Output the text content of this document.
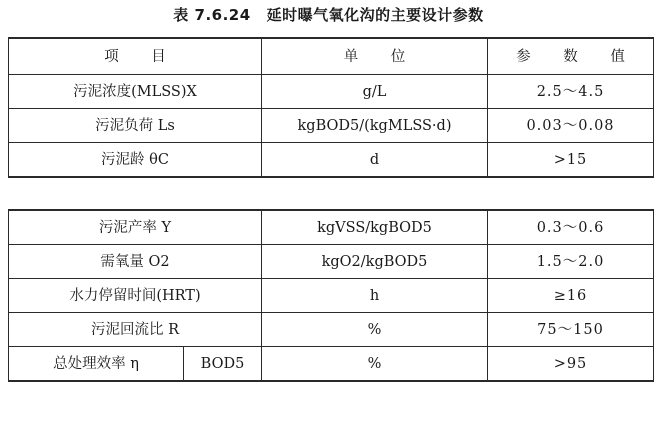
表 7.6.24 延时曝气氧化沟的主要设计参数
项 目	单 位	参 数 值
污泥浓度(MLSS)X	g/L	2.5～4.5
污泥负荷 Ls	kgBOD5/(kgMLSS·d)	0.03～0.08
污泥龄 θC	d	>15
污泥产率 Y		kgVSS/kgBOD5	0.3～0.6
需氧量 O2		kgO2/kgBOD5	1.5～2.0
水力停留时间(HRT)		h	≥16
污泥回流比 R		%	75～150
总处理效率 η	BOD5	%	>95
